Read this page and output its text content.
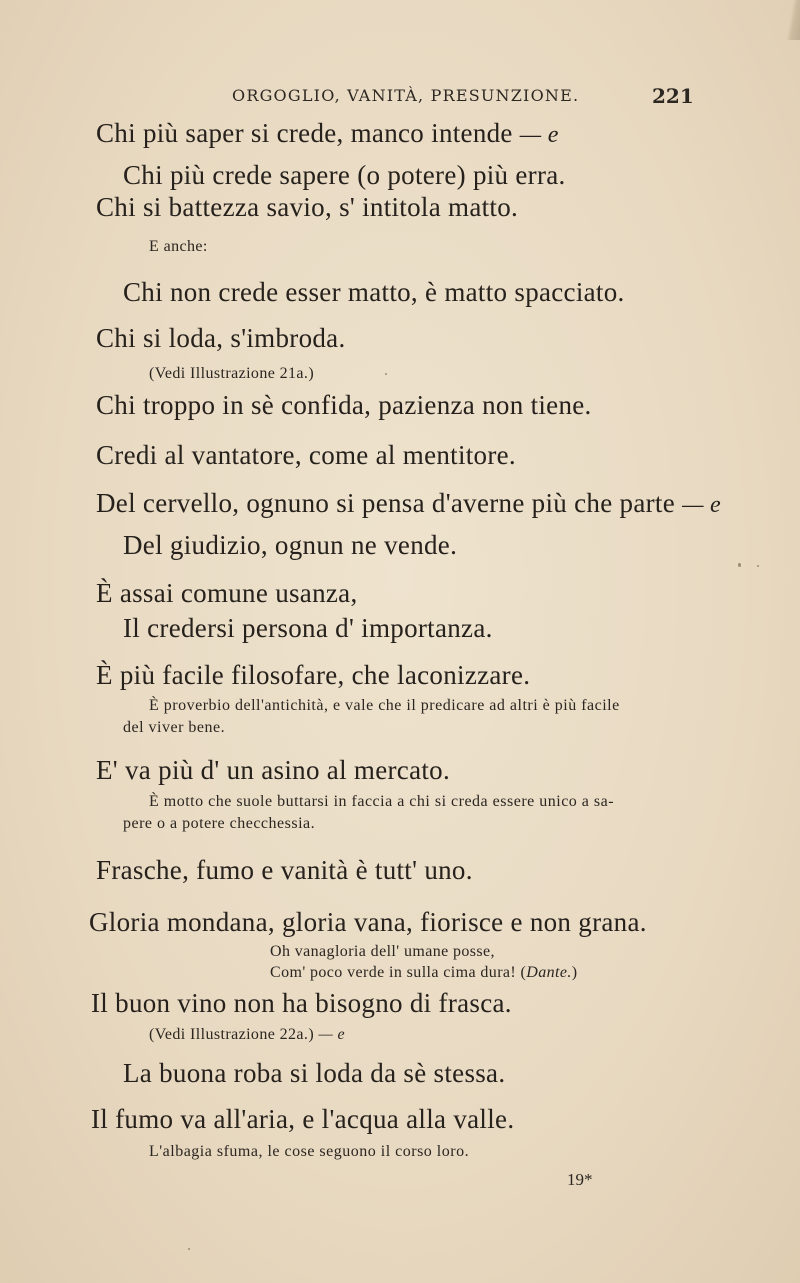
ORGOGLIO, VANITÀ, PRESUNZIONE.	221
Chi più saper si crede, manco intende — e
Chi più crede sapere (o potere) più erra.
Chi si battezza savio, s' intitola matto.
E anche:
Chi non crede esser matto, è matto spacciato.
Chi si loda, s'imbroda.
(Vedi Illustrazione 21a.)
Chi troppo in sè confida, pazienza non tiene.
Credi al vantatore, come al mentitore.
Del cervello, ognuno si pensa d'averne più che parte — e
Del giudizio, ognun ne vende.
È assai comune usanza,
Il credersi persona d' importanza.
È più facile filosofare, che laconizzare.
È proverbio dell'antichità, e vale che il predicare ad altri è più facile
del viver bene.
E' va più d' un asino al mercato.
È motto che suole buttarsi in faccia a chi si creda essere unico a sa-
pere o a potere checchessia.
Frasche, fumo e vanità è tutt' uno.
Gloria mondana, gloria vana, fiorisce e non grana.
Oh vanagloria dell' umane posse,
Com' poco verde in sulla cima dura! (Dante.)
Il buon vino non ha bisogno di frasca.
(Vedi Illustrazione 22a.) — e
La buona roba si loda da sè stessa.
Il fumo va all'aria, e l'acqua alla valle.
L'albagia sfuma, le cose seguono il corso loro.
19*
